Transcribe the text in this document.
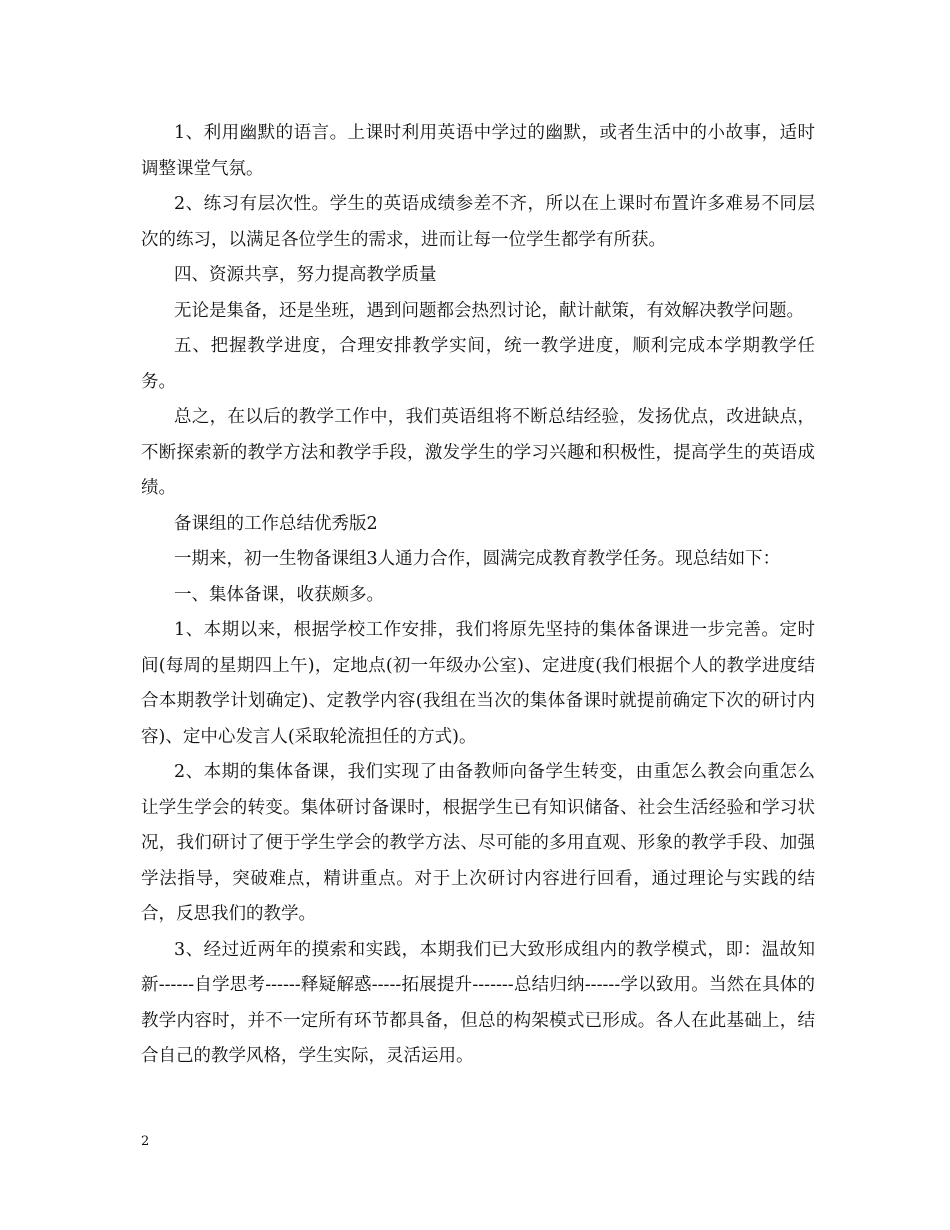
1、利用幽默的语言。上课时利用英语中学过的幽默，或者生活中的小故事，适时调整课堂气氛。

2、练习有层次性。学生的英语成绩参差不齐，所以在上课时布置许多难易不同层次的练习，以满足各位学生的需求，进而让每一位学生都学有所获。

四、资源共享，努力提高教学质量

无论是集备，还是坐班，遇到问题都会热烈讨论，献计献策，有效解决教学问题。

五、把握教学进度，合理安排教学实间，统一教学进度，顺利完成本学期教学任务。

总之，在以后的教学工作中，我们英语组将不断总结经验，发扬优点，改进缺点，不断探索新的教学方法和教学手段，激发学生的学习兴趣和积极性，提高学生的英语成绩。

备课组的工作总结优秀版2

一期来，初一生物备课组3人通力合作，圆满完成教育教学任务。现总结如下：

一、集体备课，收获颇多。

1、本期以来，根据学校工作安排，我们将原先坚持的集体备课进一步完善。定时间(每周的星期四上午)，定地点(初一年级办公室)、定进度(我们根据个人的教学进度结合本期教学计划确定)、定教学内容(我组在当次的集体备课时就提前确定下次的研讨内容)、定中心发言人(采取轮流担任的方式)。

2、本期的集体备课，我们实现了由备教师向备学生转变，由重怎么教会向重怎么让学生学会的转变。集体研讨备课时，根据学生已有知识储备、社会生活经验和学习状况，我们研讨了便于学生学会的教学方法、尽可能的多用直观、形象的教学手段、加强学法指导，突破难点，精讲重点。对于上次研讨内容进行回看，通过理论与实践的结合，反思我们的教学。

3、经过近两年的摸索和实践，本期我们已大致形成组内的教学模式，即：温故知新------自学思考------释疑解惑-----拓展提升-------总结归纳------学以致用。当然在具体的教学内容时，并不一定所有环节都具备，但总的构架模式已形成。各人在此基础上，结合自己的教学风格，学生实际，灵活运用。

2
